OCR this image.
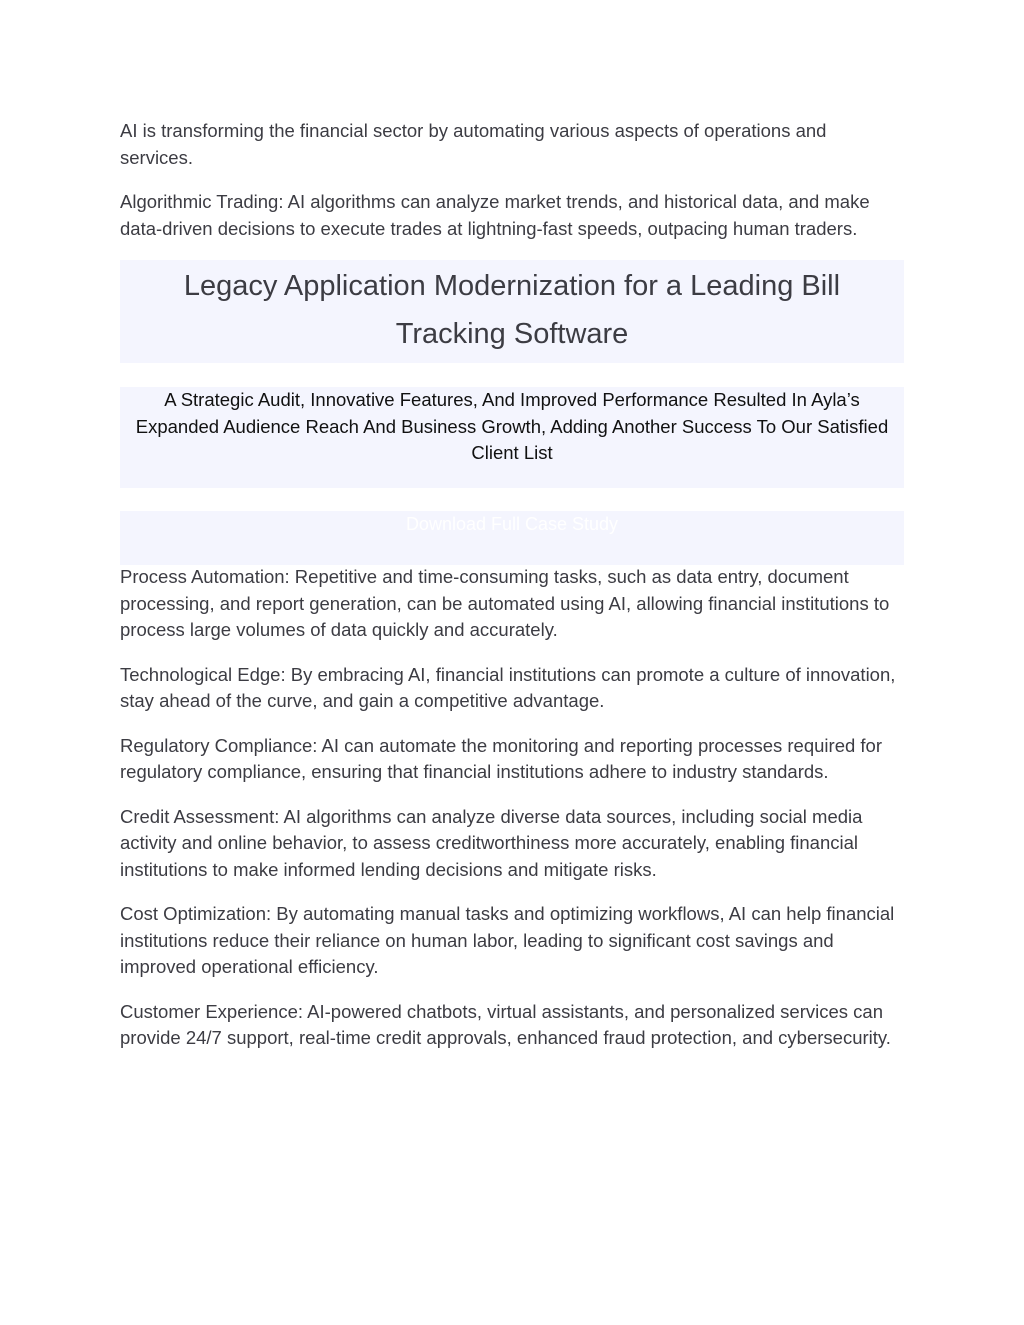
AI is transforming the financial sector by automating various aspects of operations and services.

Algorithmic Trading: AI algorithms can analyze market trends, and historical data, and make data-driven decisions to execute trades at lightning-fast speeds, outpacing human traders.

Legacy Application Modernization for a Leading Bill Tracking Software
A Strategic Audit, Innovative Features, And Improved Performance Resulted In Ayla’s Expanded Audience Reach And Business Growth, Adding Another Success To Our Satisfied Client List
Download Full Case Study

Process Automation: Repetitive and time-consuming tasks, such as data entry, document processing, and report generation, can be automated using AI, allowing financial institutions to process large volumes of data quickly and accurately.

Technological Edge: By embracing AI, financial institutions can promote a culture of innovation, stay ahead of the curve, and gain a competitive advantage.

Regulatory Compliance: AI can automate the monitoring and reporting processes required for regulatory compliance, ensuring that financial institutions adhere to industry standards.

Credit Assessment: AI algorithms can analyze diverse data sources, including social media activity and online behavior, to assess creditworthiness more accurately, enabling financial institutions to make informed lending decisions and mitigate risks.

Cost Optimization: By automating manual tasks and optimizing workflows, AI can help financial institutions reduce their reliance on human labor, leading to significant cost savings and improved operational efficiency.

Customer Experience: AI-powered chatbots, virtual assistants, and personalized services can provide 24/7 support, real-time credit approvals, enhanced fraud protection, and cybersecurity.
